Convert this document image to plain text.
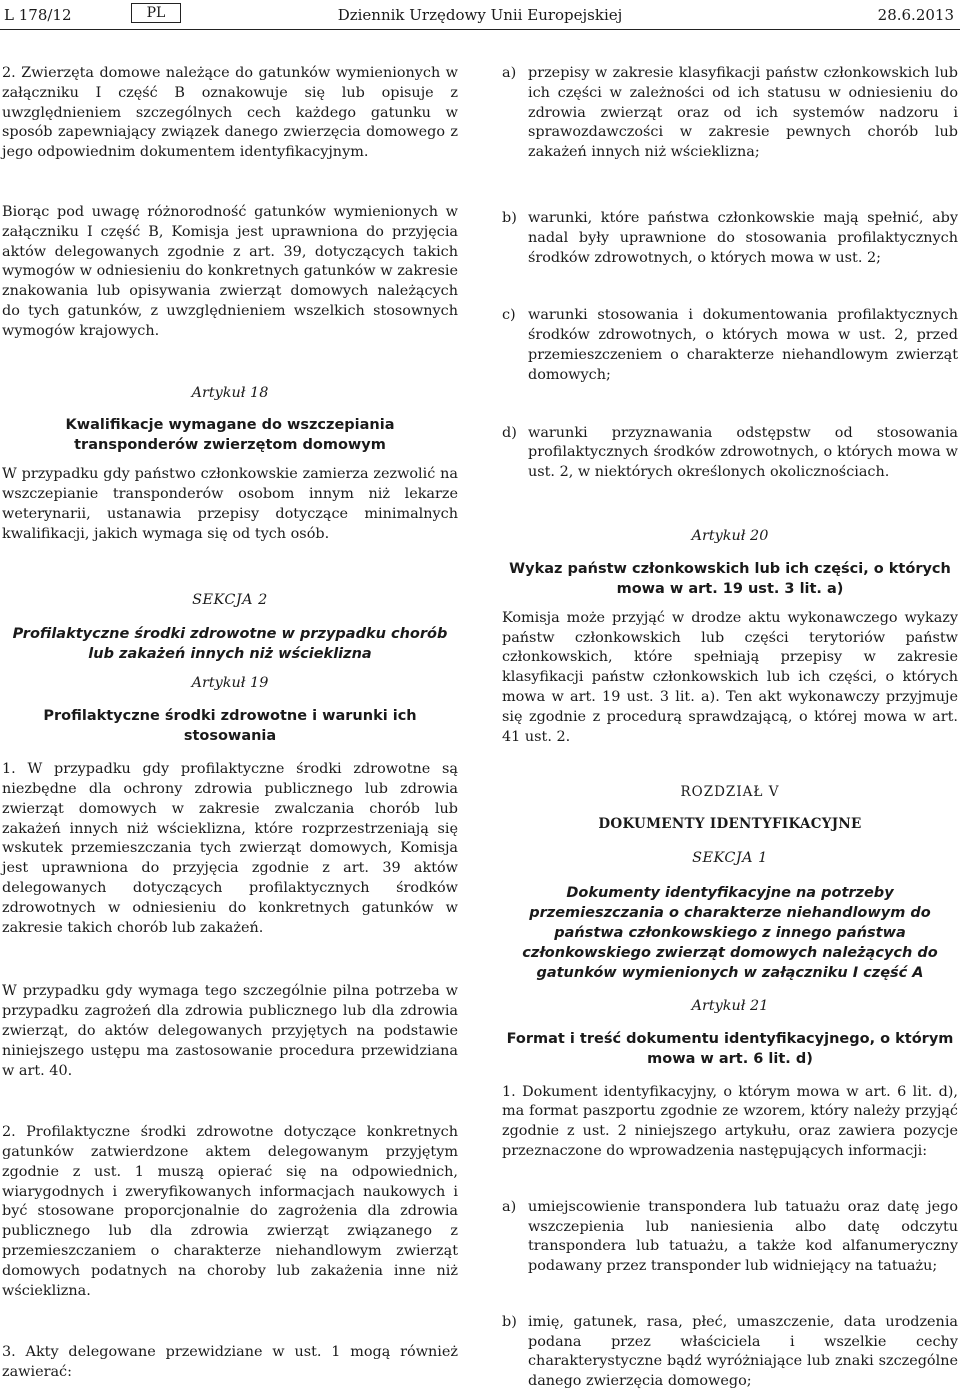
L 178/12	PL	Dziennik Urzędowy Unii Europejskiej	28.6.2013

2. Zwierzęta domowe należące do gatunków wymienionych w załączniku I część B oznakowuje się lub opisuje z uwzględnieniem szczególnych cech każdego gatunku w sposób zapewniający związek danego zwierzęcia domowego z jego odpowiednim dokumentem identyfikacyjnym.

Biorąc pod uwagę różnorodność gatunków wymienionych w załączniku I część B, Komisja jest uprawniona do przyjęcia aktów delegowanych zgodnie z art. 39, dotyczących takich wymogów w odniesieniu do konkretnych gatunków w zakresie znakowania lub opisywania zwierząt domowych należących do tych gatunków, z uwzględnieniem wszelkich stosownych wymogów krajowych.

Artykuł 18
Kwalifikacje wymagane do wszczepiania transponderów zwierzętom domowym

W przypadku gdy państwo członkowskie zamierza zezwolić na wszczepianie transponderów osobom innym niż lekarze weterynarii, ustanawia przepisy dotyczące minimalnych kwalifikacji, jakich wymaga się od tych osób.

SEKCJA 2
Profilaktyczne środki zdrowotne w przypadku chorób lub zakażeń innych niż wścieklizna
Artykuł 19
Profilaktyczne środki zdrowotne i warunki ich stosowania

1. W przypadku gdy profilaktyczne środki zdrowotne są niezbędne dla ochrony zdrowia publicznego lub zdrowia zwierząt domowych w zakresie zwalczania chorób lub zakażeń innych niż wścieklizna, które rozprzestrzeniają się wskutek przemieszczania tych zwierząt domowych, Komisja jest uprawniona do przyjęcia zgodnie z art. 39 aktów delegowanych dotyczących profilaktycznych środków zdrowotnych w odniesieniu do konkretnych gatunków w zakresie takich chorób lub zakażeń.

W przypadku gdy wymaga tego szczególnie pilna potrzeba w przypadku zagrożeń dla zdrowia publicznego lub dla zdrowia zwierząt, do aktów delegowanych przyjętych na podstawie niniejszego ustępu ma zastosowanie procedura przewidziana w art. 40.

2. Profilaktyczne środki zdrowotne dotyczące konkretnych gatunków zatwierdzone aktem delegowanym przyjętym zgodnie z ust. 1 muszą opierać się na odpowiednich, wiarygodnych i zweryfikowanych informacjach naukowych i być stosowane proporcjonalnie do zagrożenia dla zdrowia publicznego lub dla zdrowia zwierząt związanego z przemieszczaniem o charakterze niehandlowym zwierząt domowych podatnych na choroby lub zakażenia inne niż wścieklizna.

3. Akty delegowane przewidziane w ust. 1 mogą również zawierać:

a) przepisy w zakresie klasyfikacji państw członkowskich lub ich części w zależności od ich statusu w odniesieniu do zdrowia zwierząt oraz od ich systemów nadzoru i sprawozdawczości w zakresie pewnych chorób lub zakażeń innych niż wścieklizna;
b) warunki, które państwa członkowskie mają spełnić, aby nadal były uprawnione do stosowania profilaktycznych środków zdrowotnych, o których mowa w ust. 2;
c) warunki stosowania i dokumentowania profilaktycznych środków zdrowotnych, o których mowa w ust. 2, przed przemieszczeniem o charakterze niehandlowym zwierząt domowych;
d) warunki przyznawania odstępstw od stosowania profilaktycznych środków zdrowotnych, o których mowa w ust. 2, w niektórych określonych okolicznościach.
Artykuł 20
Wykaz państw członkowskich lub ich części, o których mowa w art. 19 ust. 3 lit. a)

Komisja może przyjąć w drodze aktu wykonawczego wykazy państw członkowskich lub części terytoriów państw członkowskich, które spełniają przepisy w zakresie klasyfikacji państw członkowskich lub ich części, o których mowa w art. 19 ust. 3 lit. a). Ten akt wykonawczy przyjmuje się zgodnie z procedurą sprawdzającą, o której mowa w art. 41 ust. 2.

ROZDZIAŁ V
DOKUMENTY IDENTYFIKACYJNE
SEKCJA 1
Dokumenty identyfikacyjne na potrzeby przemieszczania o charakterze niehandlowym do państwa członkowskiego z innego państwa członkowskiego zwierząt domowych należących do gatunków wymienionych w załączniku I część A
Artykuł 21
Format i treść dokumentu identyfikacyjnego, o którym mowa w art. 6 lit. d)

1. Dokument identyfikacyjny, o którym mowa w art. 6 lit. d), ma format paszportu zgodnie ze wzorem, który należy przyjąć zgodnie z ust. 2 niniejszego artykułu, oraz zawiera pozycje przeznaczone do wprowadzenia następujących informacji:

a) umiejscowienie transpondera lub tatuażu oraz datę jego wszczepienia lub naniesienia albo datę odczytu transpondera lub tatuażu, a także kod alfanumeryczny podawany przez transponder lub widniejący na tatuażu;
b) imię, gatunek, rasa, płeć, umaszczenie, data urodzenia podana przez właściciela i wszelkie cechy charakterystyczne bądź wyróżniające lub znaki szczególne danego zwierzęcia domowego;
